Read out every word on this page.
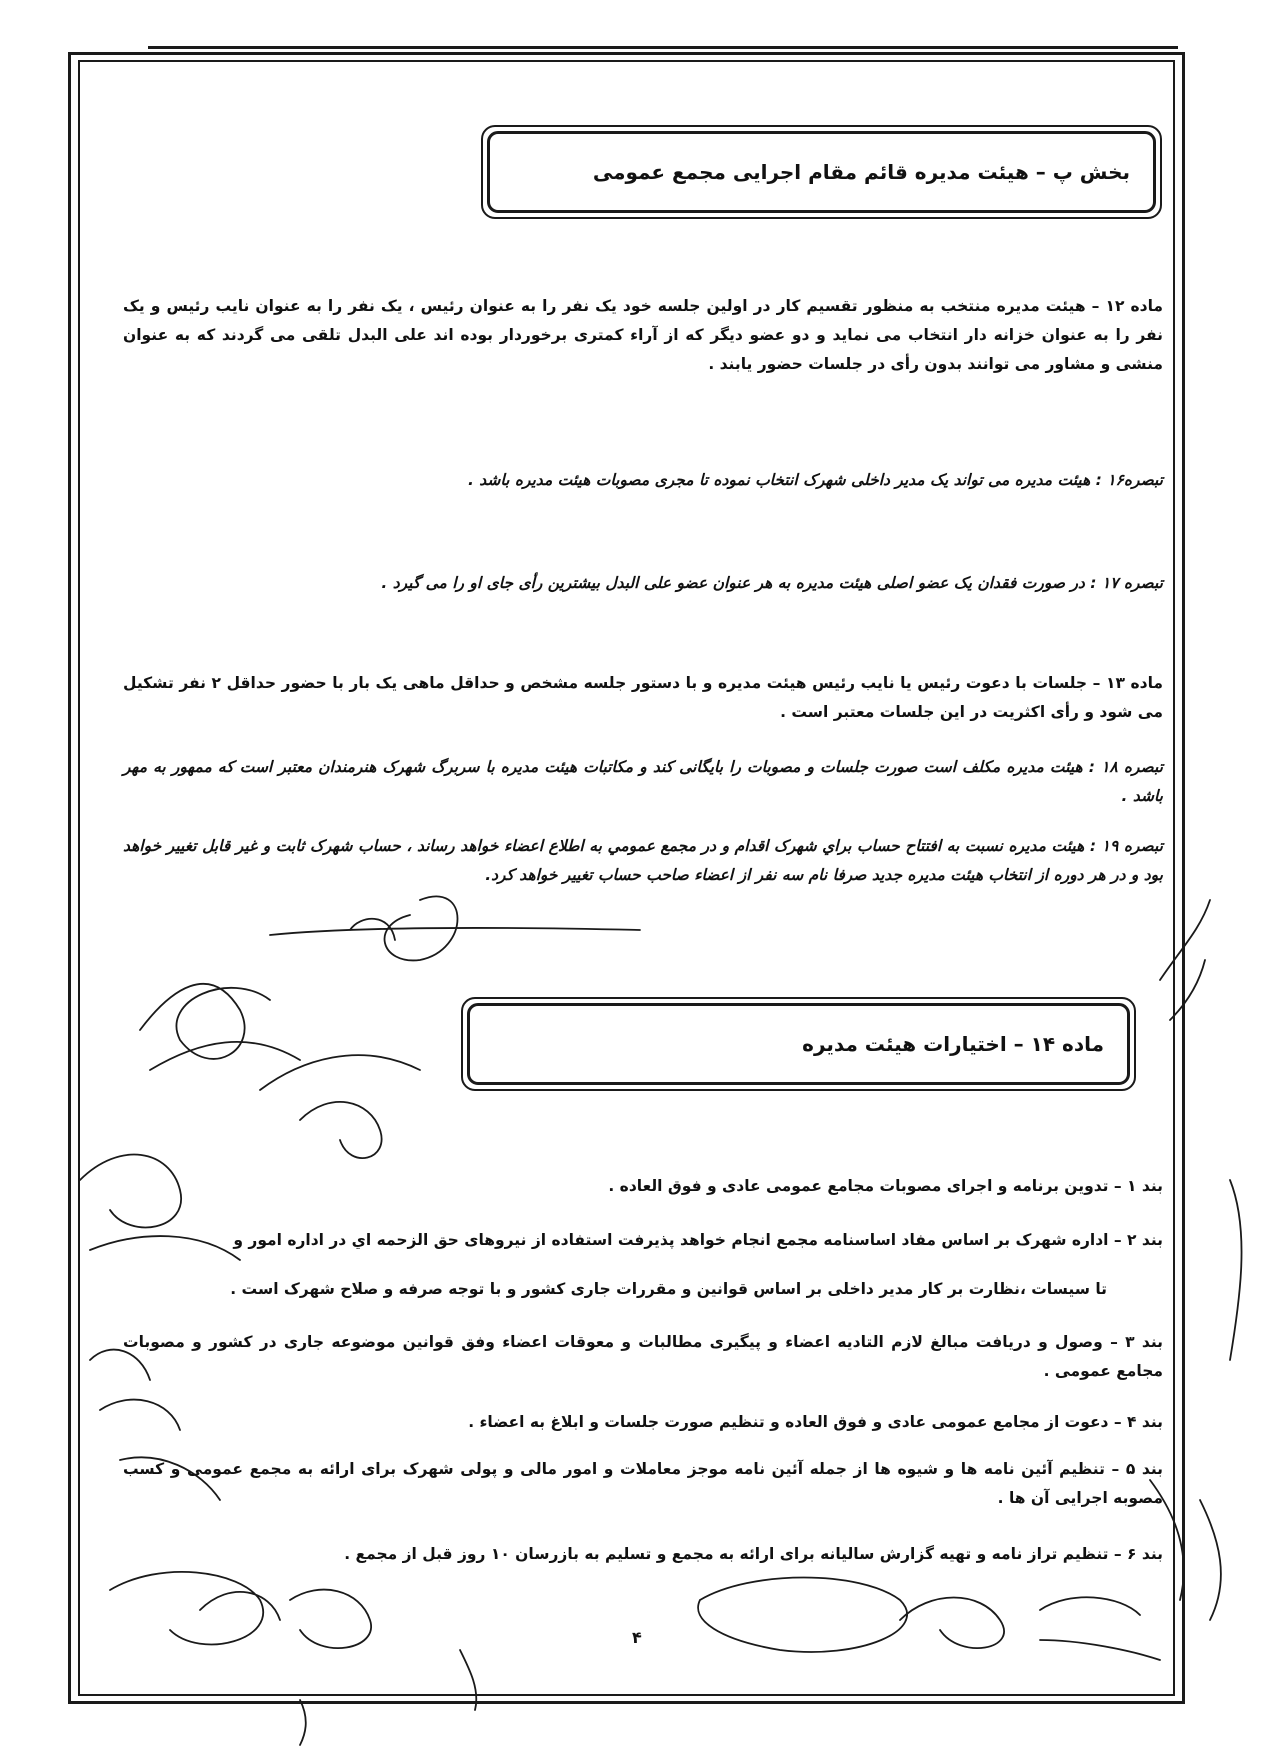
بخش پ – هیئت مدیره قائم مقام اجرایی مجمع عمومی
ماده ۱۲ – هیئت مدیره منتخب به منظور تقسیم کار در اولین جلسه خود یک نفر را به عنوان رئیس ، یک نفر را به عنوان نایب رئیس و یک نفر را به عنوان خزانه دار انتخاب می نماید و دو عضو دیگر که از آراء کمتری برخوردار بوده اند علی البدل تلقی می گردند که به عنوان منشی و مشاور می توانند بدون رأی در جلسات حضور یابند .
تبصره۱۶ : هیئت مدیره می تواند یک مدیر داخلی شهرک انتخاب نموده تا مجری مصوبات هیئت مدیره باشد .
تبصره ۱۷ : در صورت فقدان یک عضو اصلی هیئت مدیره به هر عنوان عضو علی البدل بیشترین رأی جای او را می گیرد .
ماده ۱۳ – جلسات با دعوت رئیس یا نایب رئیس هیئت مدیره و با دستور جلسه مشخص و حداقل ماهی یک بار با حضور حداقل ۲ نفر تشکیل می شود و رأی اکثریت در این جلسات معتبر است .
تبصره ۱۸ : هیئت مدیره مکلف است صورت جلسات و مصوبات را بایگانی کند و مکاتبات هیئت مدیره با سربرگ شهرک هنرمندان معتبر است که ممهور به مهر باشد .
تبصره ۱۹ : هیئت مدیره نسبت به افتتاح حساب براي شهرک اقدام و در مجمع عمومي به اطلاع اعضاء خواهد رساند ، حساب شهرک ثابت و غیر قابل تغییر خواهد بود و در هر دوره از انتخاب هیئت مدیره جدید صرفا نام سه نفر از اعضاء صاحب حساب تغییر خواهد کرد.
ماده ۱۴ – اختیارات هیئت مدیره
بند ۱ – تدوین برنامه و اجرای مصوبات مجامع عمومی عادی و فوق العاده .
بند ۲ – اداره شهرک بر اساس مفاد اساسنامه مجمع انجام خواهد پذیرفت استفاده از نیروهای حق الزحمه اي در اداره امور و
تا سیسات ،نظارت بر کار مدیر داخلی بر اساس قوانین و مقررات جاری کشور و با توجه صرفه و صلاح شهرک است .
بند ۳ – وصول و دریافت مبالغ لازم التادیه اعضاء و پیگیری مطالبات و معوقات اعضاء وفق قوانین موضوعه جاری در کشور و مصوبات مجامع عمومی .
بند ۴ – دعوت از مجامع عمومی عادی و فوق العاده و تنظیم صورت جلسات و ابلاغ به اعضاء .
بند ۵ – تنظیم آئین نامه ها و شیوه ها از جمله آئین نامه موجز معاملات و امور مالی و پولی شهرک برای ارائه به مجمع عمومی و کسب مصوبه اجرایی آن ها .
بند ۶ – تنظیم تراز نامه و تهیه گزارش سالیانه برای ارائه به مجمع و تسلیم به بازرسان ۱۰ روز قبل از مجمع .
۴
